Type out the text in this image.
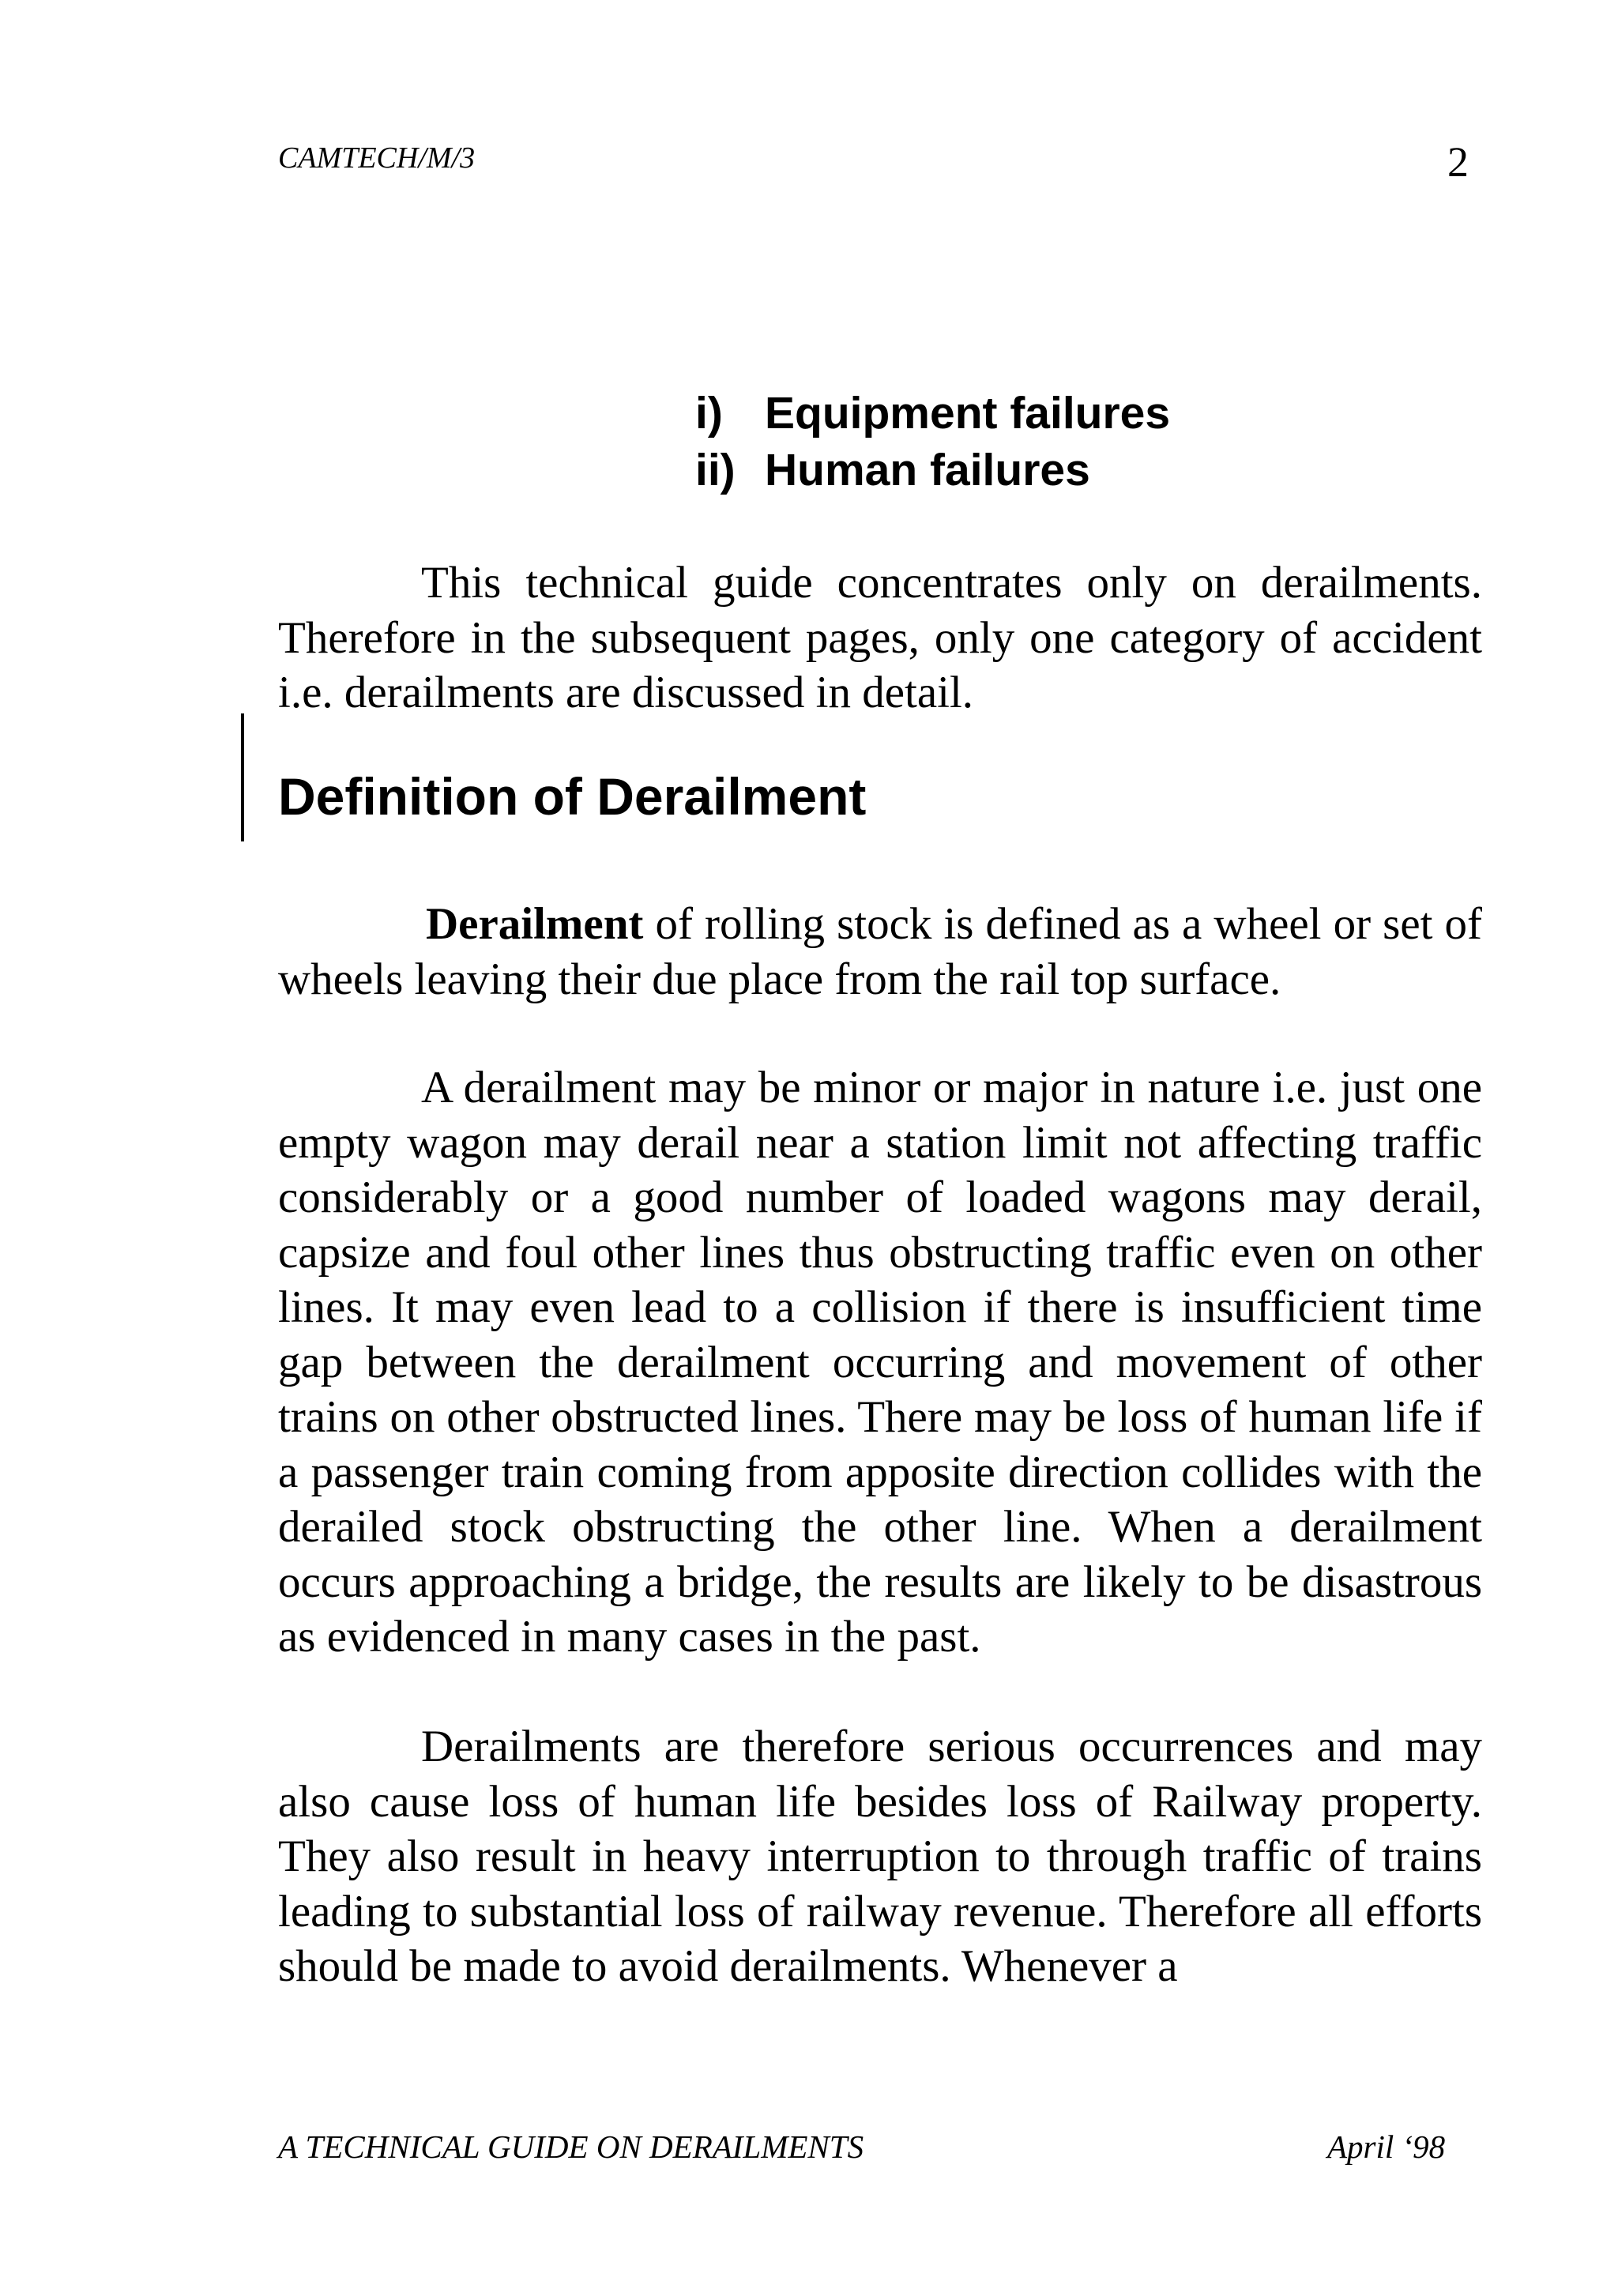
CAMTECH/M/3	2
i) Equipment failures
ii) Human failures

This technical guide concentrates only on derailments. Therefore in the subsequent pages, only one category of accident i.e. derailments are discussed in detail.

Definition of Derailment

Derailment of rolling stock is defined as a wheel or set of wheels leaving their due place from the rail top surface.

A derailment may be minor or major in nature i.e. just one empty wagon may derail near a station limit not affecting traffic considerably or a good number of loaded wagons may derail, capsize and foul other lines thus obstructing traffic even on other lines. It may even lead to a collision if there is insufficient time gap between the derailment occurring and movement of other trains on other obstructed lines. There may be loss of human life if a passenger train coming from apposite direction collides with the derailed stock obstructing the other line. When a derailment occurs approaching a bridge, the results are likely to be disastrous as evidenced in many cases in the past.

Derailments are therefore serious occurrences and may also cause loss of human life besides loss of Railway property. They also result in heavy interruption to through traffic of trains leading to substantial loss of railway revenue. Therefore all efforts should be made to avoid derailments. Whenever a

A TECHNICAL GUIDE ON DERAILMENTS	April ‘98
